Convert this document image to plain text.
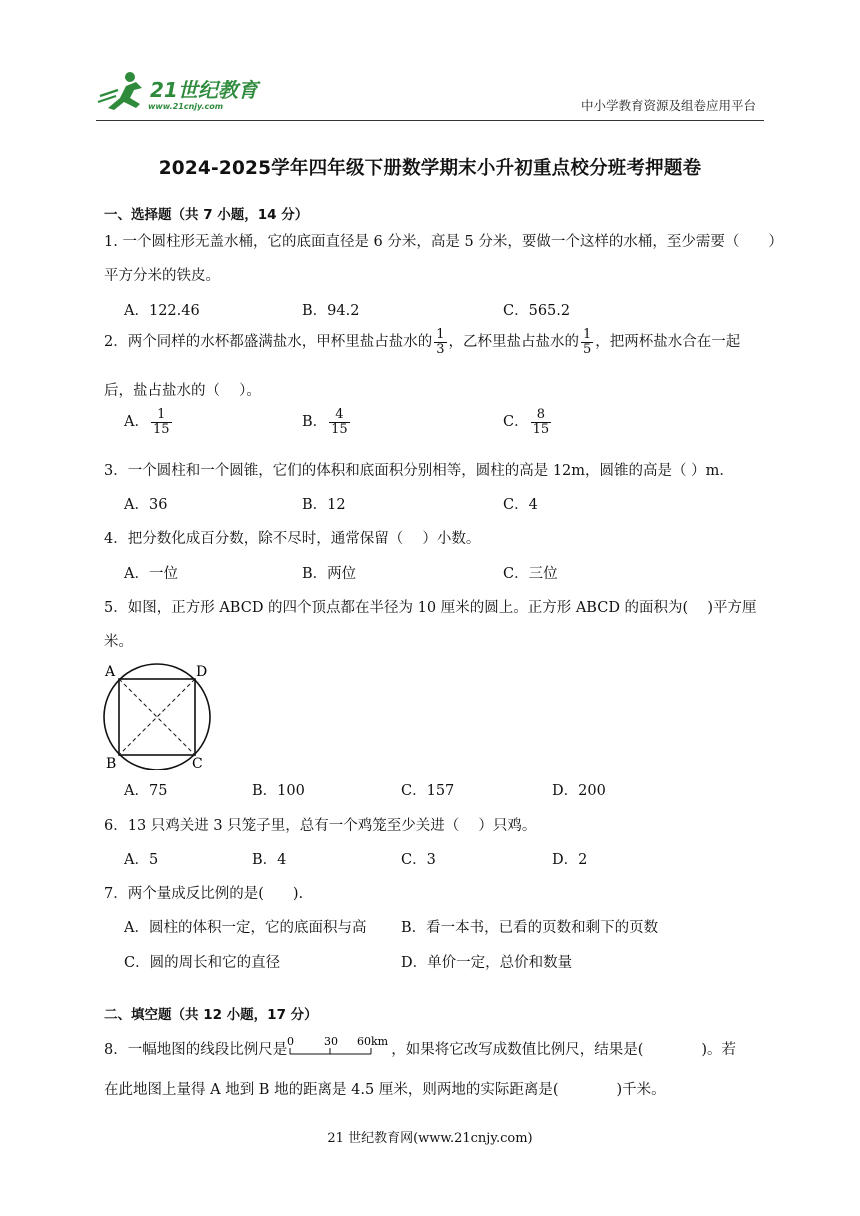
21世纪教育
www.21cnjy.com	中小学教育资源及组卷应用平台
2024-2025学年四年级下册数学期末小升初重点校分班考押题卷
一、选择题（共 7 小题，14 分）
1. 一个圆柱形无盖水桶，它的底面直径是 6 分米，高是 5 分米，要做一个这样的水桶，至少需要（　　）
平方分米的铁皮。
A．122.46	B．94.2	C．565.2
2．两个同样的水杯都盛满盐水，甲杯里盐占盐水的 $\frac{1}{3}$ ，乙杯里盐占盐水的 $\frac{1}{5}$ ，把两杯盐水合在一起
后，盐占盐水的（　 ）。
A． $\frac{1}{15}$	B． $\frac{4}{15}$	C． $\frac{8}{15}$
3．一个圆柱和一个圆锥，它们的体积和底面积分别相等，圆柱的高是 12m，圆锥的高是（ ）m．
A．36	B．12	C．4
4．把分数化成百分数，除不尽时，通常保留（　 ）小数。
A．一位	B．两位	C．三位
5．如图，正方形 ABCD 的四个顶点都在半径为 10 厘米的圆上。正方形 ABCD 的面积为(　 )平方厘
米。
A	D
B	C
A．75	B．100	C．157	D．200
6．13 只鸡关进 3 只笼子里，总有一个鸡笼至少关进（　 ）只鸡。
A．5	B．4	C．3	D．2
7．两个量成反比例的是(　　).
A．圆柱的体积一定，它的底面积与高 B．看一本书，已看的页数和剩下的页数
C．圆的周长和它的直径	D．单价一定，总价和数量
二、填空题（共 12 小题，17 分）
8．一幅地图的线段比例尺是
0	30 60km
，如果将它改写成数值比例尺，结果是(　　　　)。若
在此地图上量得 A 地到 B 地的距离是 4.5 厘米，则两地的实际距离是(　　　　)千米。
21 世纪教育网(www.21cnjy.com)
